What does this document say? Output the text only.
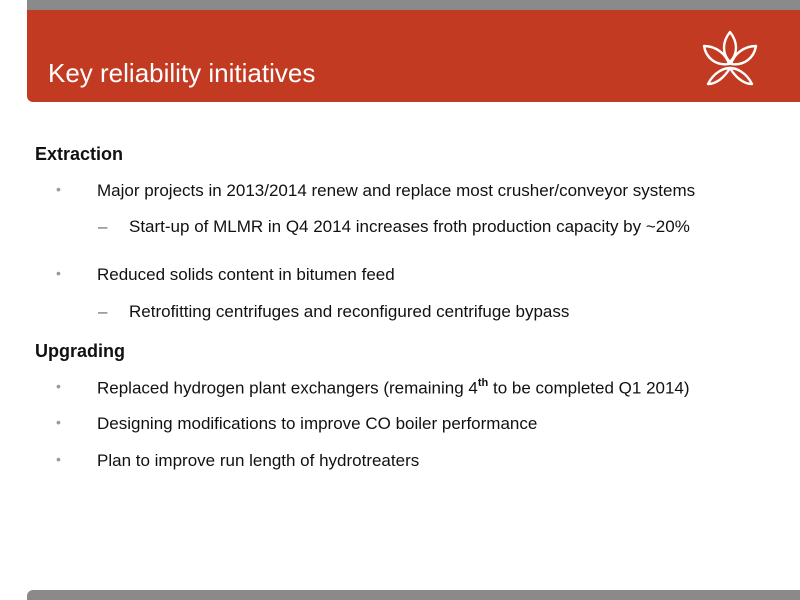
Key reliability initiatives
Extraction
• Major projects in 2013/2014 renew and replace most crusher/conveyor systems
– Start-up of MLMR in Q4 2014 increases froth production capacity by ~20%
• Reduced solids content in bitumen feed
– Retrofitting centrifuges and reconfigured centrifuge bypass
Upgrading
• Replaced hydrogen plant exchangers (remaining 4th to be completed Q1 2014)
• Designing modifications to improve CO boiler performance
• Plan to improve run length of hydrotreaters
